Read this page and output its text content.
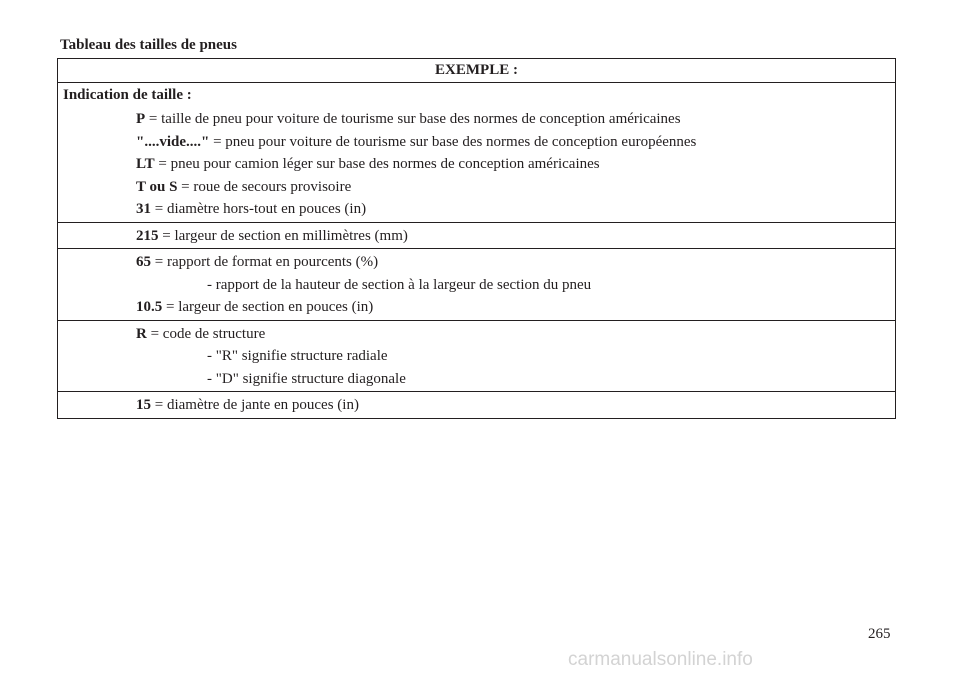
Tableau des tailles de pneus
EXEMPLE :
Indication de taille :
P = taille de pneu pour voiture de tourisme sur base des normes de conception américaines
"....vide...." = pneu pour voiture de tourisme sur base des normes de conception européennes
LT = pneu pour camion léger sur base des normes de conception américaines
T ou S = roue de secours provisoire
31 = diamètre hors-tout en pouces (in)
215 = largeur de section en millimètres (mm)
65 = rapport de format en pourcents (%)
- rapport de la hauteur de section à la largeur de section du pneu
10.5 = largeur de section en pouces (in)
R = code de structure
- "R" signifie structure radiale
- "D" signifie structure diagonale
15 = diamètre de jante en pouces (in)
265
carmanualsonline.info
